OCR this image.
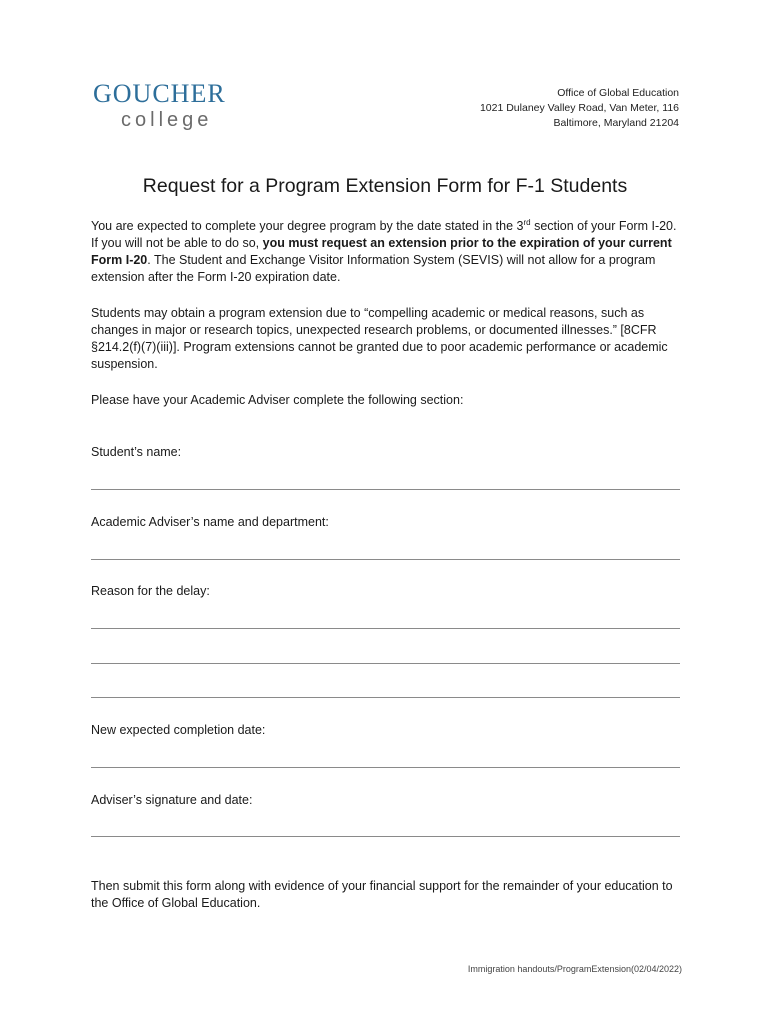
GOUCHER
college
Office of Global Education
1021 Dulaney Valley Road, Van Meter, 116
Baltimore, Maryland 21204
Request for a Program Extension Form for F-1 Students
You are expected to complete your degree program by the date stated in the 3rd section of your Form I-20. If you will not be able to do so, you must request an extension prior to the expiration of your current Form I-20. The Student and Exchange Visitor Information System (SEVIS) will not allow for a program extension after the Form I-20 expiration date.
Students may obtain a program extension due to “compelling academic or medical reasons, such as changes in major or research topics, unexpected research problems, or documented illnesses.” [8CFR §214.2(f)(7)(iii)]. Program extensions cannot be granted due to poor academic performance or academic suspension.
Please have your Academic Adviser complete the following section:
Student’s name:
Academic Adviser’s name and department:
Reason for the delay:
New expected completion date:
Adviser’s signature and date:
Then submit this form along with evidence of your financial support for the remainder of your education to the Office of Global Education.
Immigration handouts/ProgramExtension(02/04/2022)
